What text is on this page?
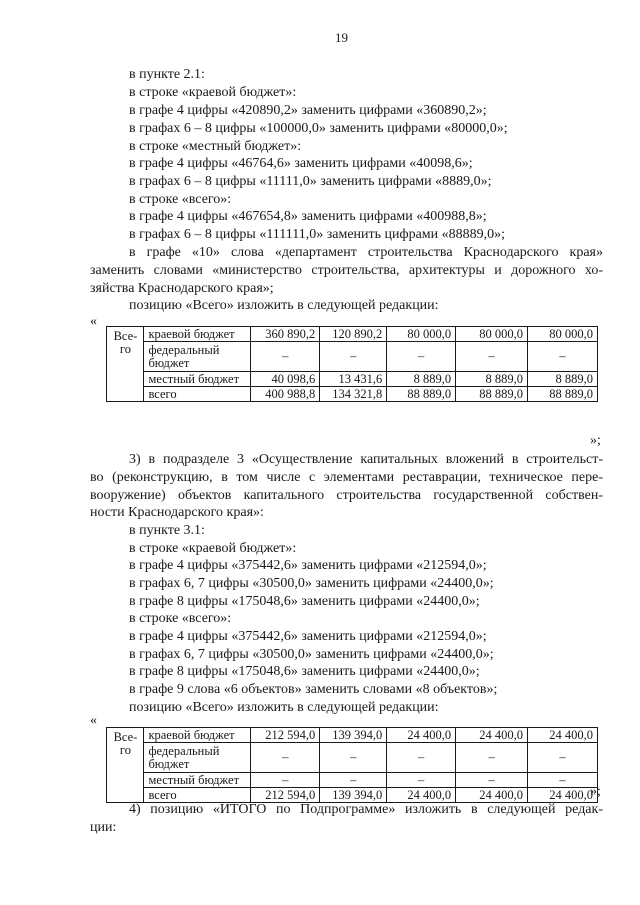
19
в пункте 2.1:
в строке «краевой бюджет»:
в графе 4 цифры «420890,2» заменить цифрами «360890,2»;
в графах 6 – 8 цифры «100000,0» заменить цифрами «80000,0»;
в строке «местный бюджет»:
в графе 4 цифры «46764,6» заменить цифрами «40098,6»;
в графах 6 – 8 цифры «11111,0» заменить цифрами «8889,0»;
в строке «всего»:
в графе 4 цифры «467654,8» заменить цифрами «400988,8»;
в графах 6 – 8 цифры «111111,0» заменить цифрами «88889,0»;
в графе «10» слова «департамент строительства Краснодарского края»
заменить словами «министерство строительства, архитектуры и дорожного хо-
зяйства Краснодарского края»;
позицию «Всего» изложить в следующей редакции:
«
	Все-го	краевой бюджет	360 890,2	120 890,2	80 000,0	80 000,0	80 000,0
		федеральный бюджет	–	–	–	–	–
		местный бюджет	40 098,6	13 431,6	8 889,0	8 889,0	8 889,0
		всего	400 988,8	134 321,8	88 889,0	88 889,0	88 889,0
»;
3) в подразделе 3 «Осуществление капитальных вложений в строительст-
во (реконструкцию, в том числе с элементами реставрации, техническое пере-
вооружение) объектов капитального строительства государственной собствен-
ности Краснодарского края»:
в пункте 3.1:
в строке «краевой бюджет»:
в графе 4 цифры «375442,6» заменить цифрами «212594,0»;
в графах 6, 7 цифры «30500,0» заменить цифрами «24400,0»;
в графе 8 цифры «175048,6» заменить цифрами «24400,0»;
в строке «всего»:
в графе 4 цифры «375442,6» заменить цифрами «212594,0»;
в графах 6, 7 цифры «30500,0» заменить цифрами «24400,0»;
в графе 8 цифры «175048,6» заменить цифрами «24400,0»;
в графе 9 слова «6 объектов» заменить словами «8 объектов»;
позицию «Всего» изложить в следующей редакции:
«
	Все-го	краевой бюджет	212 594,0	139 394,0	24 400,0	24 400,0	24 400,0
		федеральный бюджет	–	–	–	–	–
		местный бюджет	–	–	–	–	–
		всего	212 594,0	139 394,0	24 400,0	24 400,0	24 400,0
»;
4) позицию «ИТОГО по Подпрограмме» изложить в следующей редак-
ции:
